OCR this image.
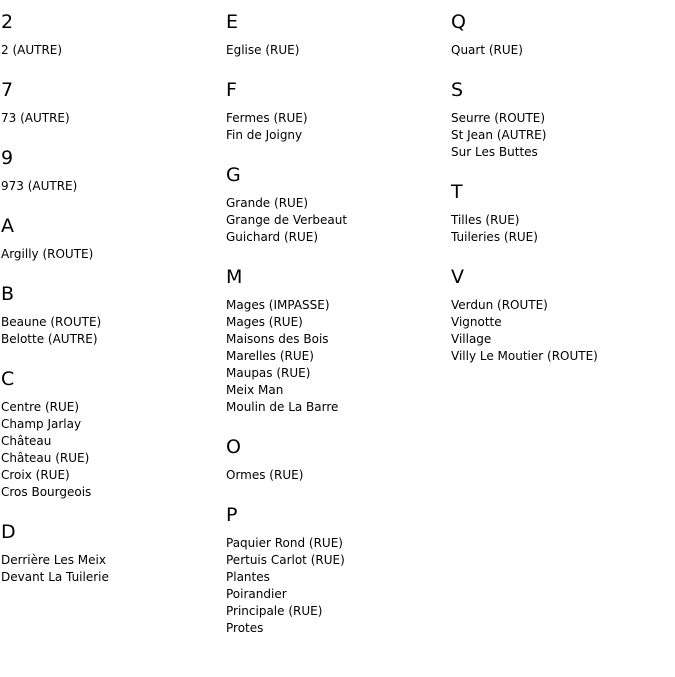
2
2 (AUTRE)
7
73 (AUTRE)
9
973 (AUTRE)
A
Argilly (ROUTE)
B
Beaune (ROUTE)
Belotte (AUTRE)
C
Centre (RUE)
Champ Jarlay
Château
Château (RUE)
Croix (RUE)
Cros Bourgeois
D
Derrière Les Meix
Devant La Tuilerie
E
Eglise (RUE)
F
Fermes (RUE)
Fin de Joigny
G
Grande (RUE)
Grange de Verbeaut
Guichard (RUE)
M
Mages (IMPASSE)
Mages (RUE)
Maisons des Bois
Marelles (RUE)
Maupas (RUE)
Meix Man
Moulin de La Barre
O
Ormes (RUE)
P
Paquier Rond (RUE)
Pertuis Carlot (RUE)
Plantes
Poirandier
Principale (RUE)
Protes
Q
Quart (RUE)
S
Seurre (ROUTE)
St Jean (AUTRE)
Sur Les Buttes
T
Tilles (RUE)
Tuileries (RUE)
V
Verdun (ROUTE)
Vignotte
Village
Villy Le Moutier (ROUTE)
